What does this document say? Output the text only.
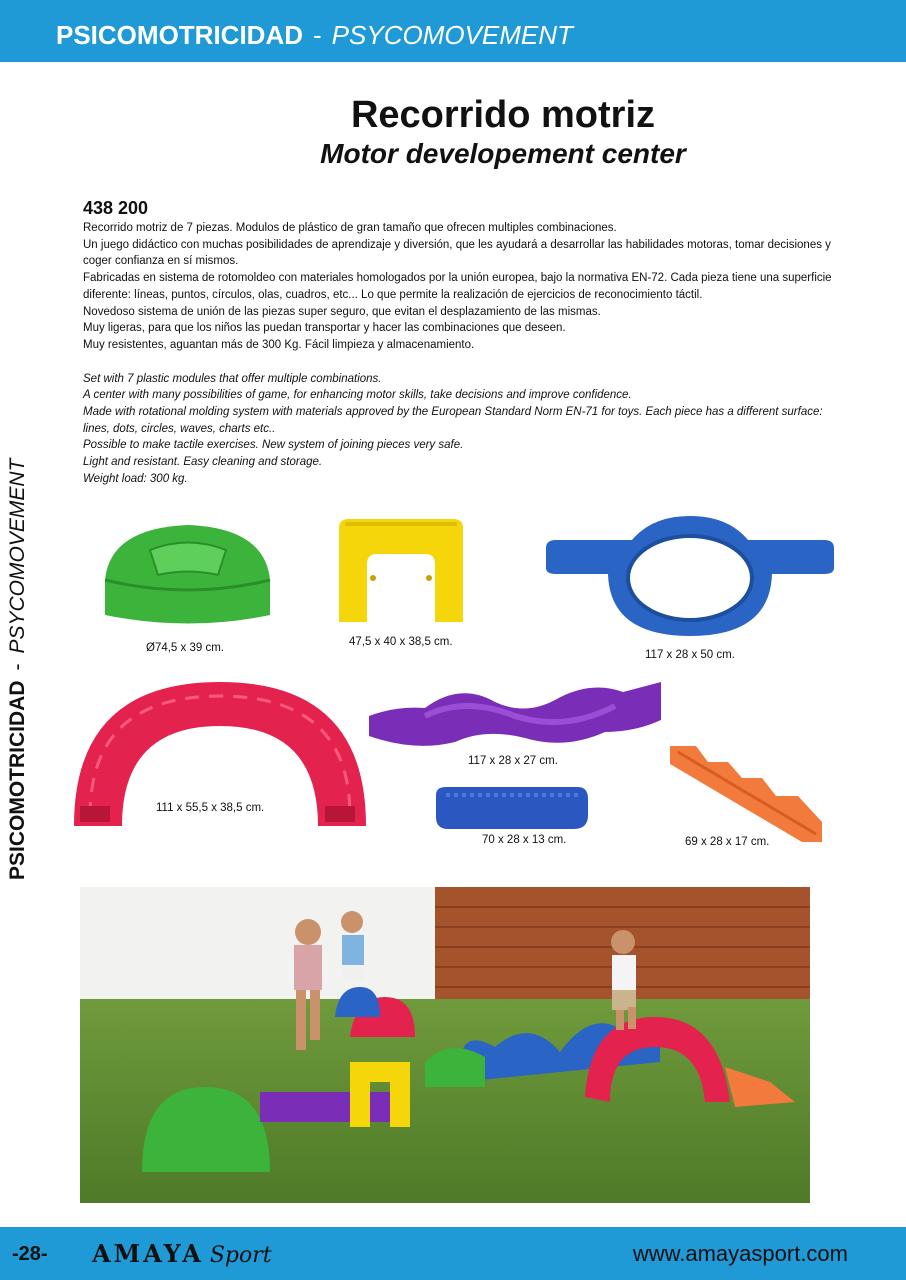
PSICOMOTRICIDAD - PSYCOMOVEMENT
PSICOMOTRICIDAD-PSYCOMOVEMENT
Recorrido motriz
Motor developement center
438 200

Recorrido motriz de 7 piezas. Modulos de plástico de gran tamaño que ofrecen multiples combinaciones.

Un juego didáctico con muchas posibilidades de aprendizaje y diversión, que les ayudará a desarrollar las habilidades motoras, tomar decisiones y coger confianza en sí mismos.

Fabricadas en sistema de rotomoldeo con materiales homologados por la unión europea, bajo la normativa EN-72. Cada pieza tiene una superficie diferente: líneas, puntos, círculos, olas, cuadros, etc... Lo que permite la realización de ejercicios de reconocimiento táctil.

Novedoso sistema de unión de las piezas super seguro, que evitan el desplazamiento de las mismas.

Muy ligeras, para que los niños las puedan transportar y hacer las combinaciones que deseen.

Muy resistentes, aguantan más de 300 Kg. Fácil limpieza y almacenamiento.

Set with 7 plastic modules that offer multiple combinations.

A center with many possibilities of game, for enhancing motor skills, take decisions and improve confidence.

Made with rotational molding system with materials approved by the European Standard Norm EN-71 for toys. Each piece has a different surface: lines, dots, circles, waves, charts etc..

Possible to make tactile exercises. New system of joining pieces very safe.

Light and resistant. Easy cleaning and storage.

Weight load: 300 kg.

Ø74,5 x 39 cm.	47,5 x 40 x 38,5 cm.
117 x 28 x 50 cm.
111 x 55,5 x 38,5 cm.
117 x 28 x 27 cm.
70 x 28 x 13 cm.	69 x 28 x 17 cm.
-28- AMAYA Sport	www.amayasport.com
